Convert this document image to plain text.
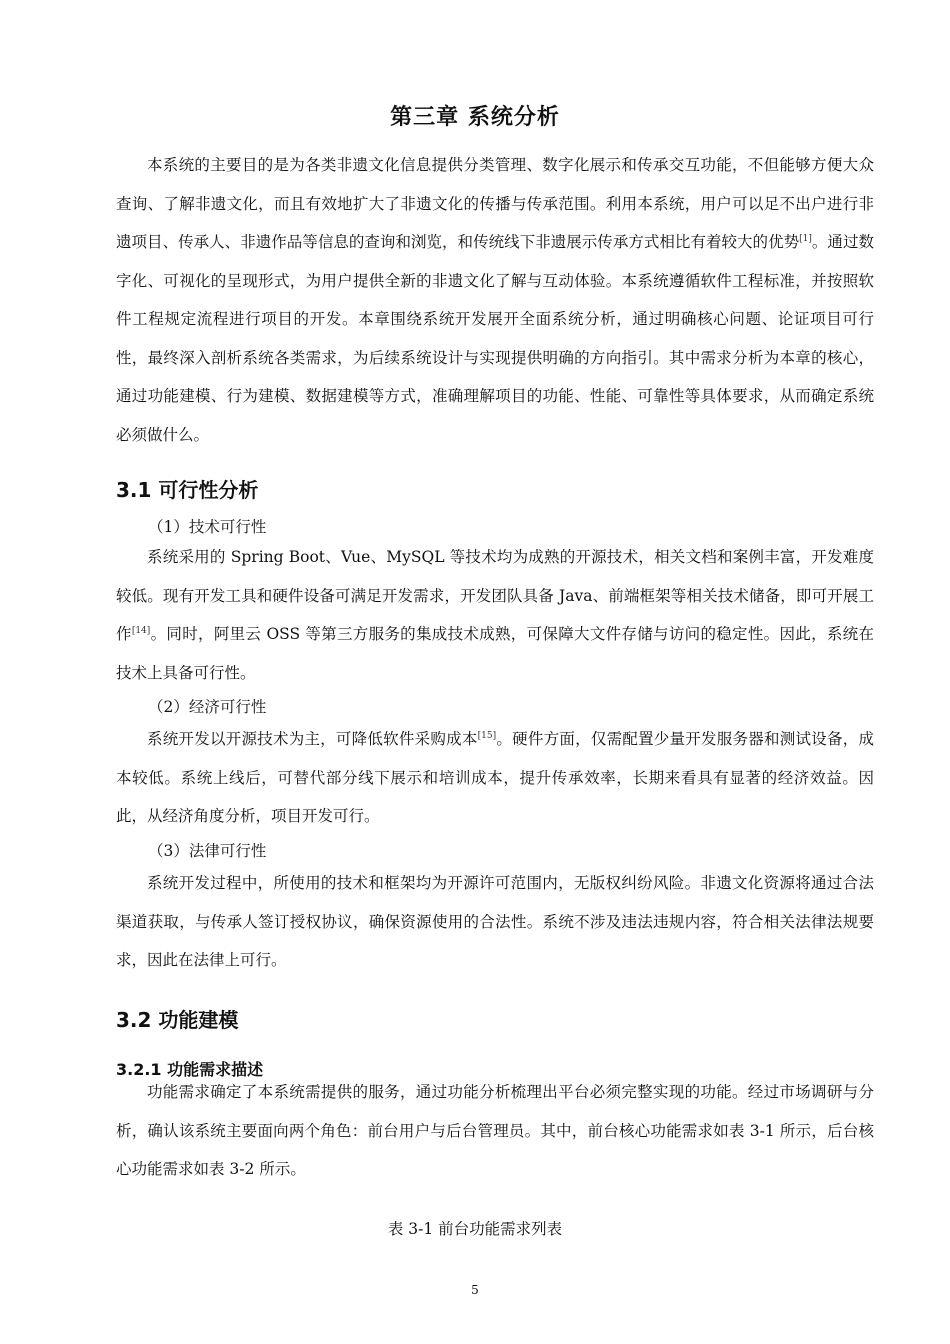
第三章 系统分析

本系统的主要目的是为各类非遗文化信息提供分类管理、数字化展示和传承交互功能，不但能够方便大众查询、了解非遗文化，而且有效地扩大了非遗文化的传播与传承范围。利用本系统，用户可以足不出户进行非遗项目、传承人、非遗作品等信息的查询和浏览，和传统线下非遗展示传承方式相比有着较大的优势[1]。通过数字化、可视化的呈现形式，为用户提供全新的非遗文化了解与互动体验。本系统遵循软件工程标准，并按照软件工程规定流程进行项目的开发。本章围绕系统开发展开全面系统分析，通过明确核心问题、论证项目可行性，最终深入剖析系统各类需求，为后续系统设计与实现提供明确的方向指引。其中需求分析为本章的核心，通过功能建模、行为建模、数据建模等方式，准确理解项目的功能、性能、可靠性等具体要求，从而确定系统必须做什么。

3.1 可行性分析

（1）技术可行性

系统采用的 Spring Boot、Vue、MySQL 等技术均为成熟的开源技术，相关文档和案例丰富，开发难度较低。现有开发工具和硬件设备可满足开发需求，开发团队具备 Java、前端框架等相关技术储备，即可开展工作[14]。同时，阿里云 OSS 等第三方服务的集成技术成熟，可保障大文件存储与访问的稳定性。因此，系统在技术上具备可行性。

（2）经济可行性

系统开发以开源技术为主，可降低软件采购成本[15]。硬件方面，仅需配置少量开发服务器和测试设备，成本较低。系统上线后，可替代部分线下展示和培训成本，提升传承效率，长期来看具有显著的经济效益。因此，从经济角度分析，项目开发可行。

（3）法律可行性

系统开发过程中，所使用的技术和框架均为开源许可范围内，无版权纠纷风险。非遗文化资源将通过合法渠道获取，与传承人签订授权协议，确保资源使用的合法性。系统不涉及违法违规内容，符合相关法律法规要求，因此在法律上可行。

3.2 功能建模
3.2.1 功能需求描述

功能需求确定了本系统需提供的服务，通过功能分析梳理出平台必须完整实现的功能。经过市场调研与分析，确认该系统主要面向两个角色：前台用户与后台管理员。其中，前台核心功能需求如表 3-1 所示，后台核心功能需求如表 3-2 所示。

表 3-1 前台功能需求列表

5
